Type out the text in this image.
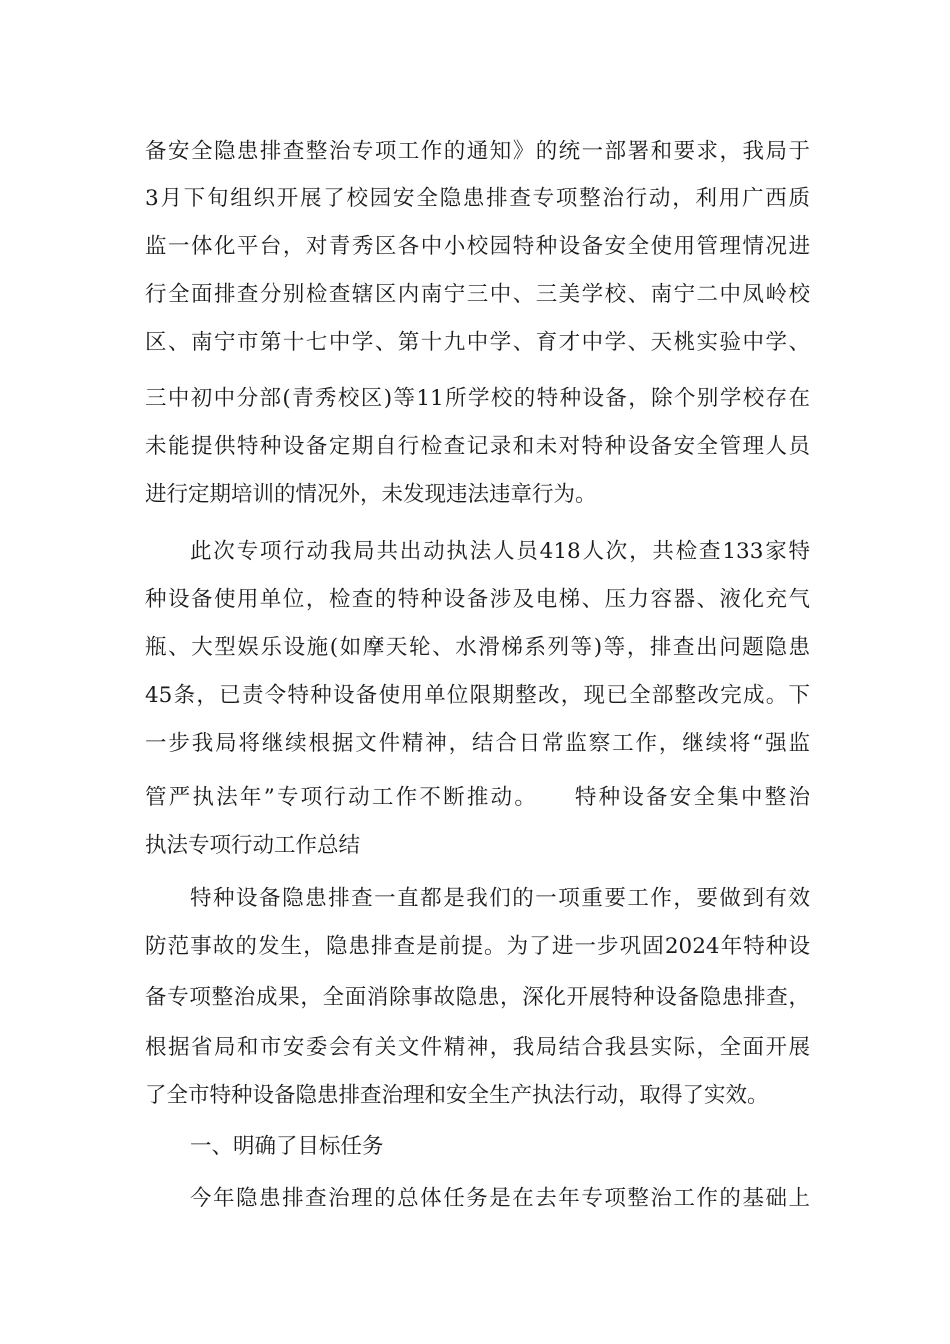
备安全隐患排查整治专项工作的通知》的统一部署和要求，我局于
3月下旬组织开展了校园安全隐患排查专项整治行动，利用广西质
监一体化平台，对青秀区各中小校园特种设备安全使用管理情况进
行全面排查分别检查辖区内南宁三中、三美学校、南宁二中凤岭校
区、南宁市第十七中学、第十九中学、育才中学、天桃实验中学、
三中初中分部(青秀校区)等11所学校的特种设备，除个别学校存在
未能提供特种设备定期自行检查记录和未对特种设备安全管理人员
进行定期培训的情况外，未发现违法违章行为。
此次专项行动我局共出动执法人员418人次，共检查133家特
种设备使用单位，检查的特种设备涉及电梯、压力容器、液化充气
瓶、大型娱乐设施(如摩天轮、水滑梯系列等)等，排查出问题隐患
45条，已责令特种设备使用单位限期整改，现已全部整改完成。下
一步我局将继续根据文件精神，结合日常监察工作，继续将“强监
管严执法年”专项行动工作不断推动。　　特种设备安全集中整治
执法专项行动工作总结
特种设备隐患排查一直都是我们的一项重要工作，要做到有效
防范事故的发生，隐患排查是前提。为了进一步巩固2024年特种设
备专项整治成果，全面消除事故隐患，深化开展特种设备隐患排查，
根据省局和市安委会有关文件精神，我局结合我县实际，全面开展
了全市特种设备隐患排查治理和安全生产执法行动，取得了实效。
一、明确了目标任务
今年隐患排查治理的总体任务是在去年专项整治工作的基础上
